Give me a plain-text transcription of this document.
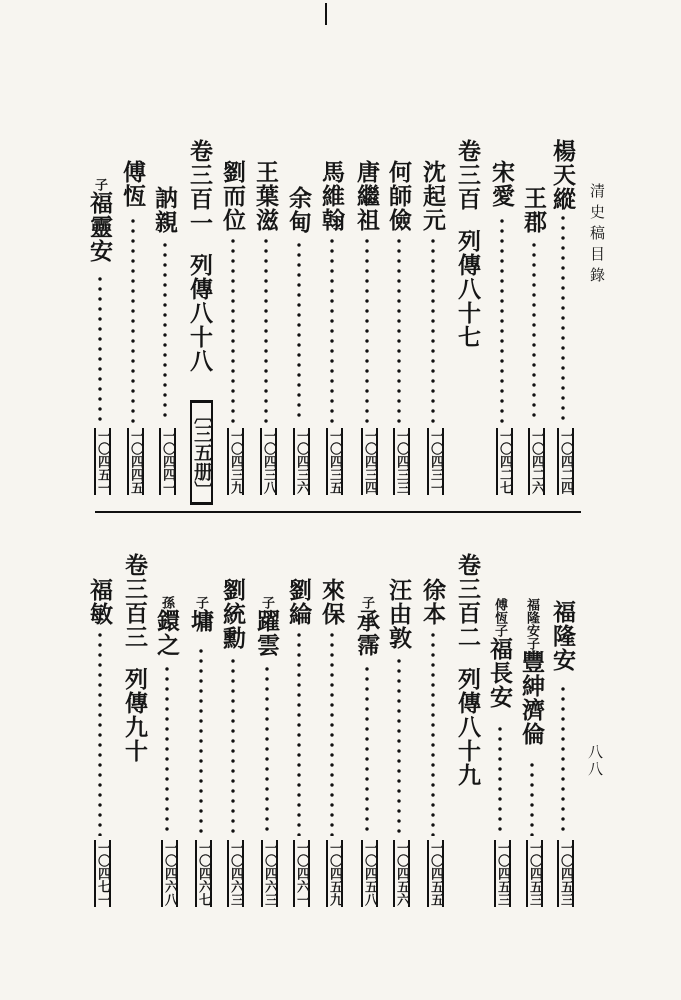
清史稿目錄
八八
楊天縱
一〇四二四
王郡
一〇四二六
宋愛
一〇四二七
卷三百列傳八十七
沈起元
一〇四三一
何師儉
一〇四三三
唐繼祖
一〇四三四
馬維翰
一〇四三五
余甸
一〇四三六
王葉滋
一〇四三八
劉而位
一〇四三九
卷三百一列傳八十八
〔三五册〕
訥親
一〇四四一
傅恆
一〇四四五
子福靈安
一〇四五一
福隆安
一〇四五三
福隆安子豐紳濟倫
一〇四五三
傅恆子福長安
一〇四五三
卷三百二列傳八十九
徐本
一〇四五五
汪由敦
一〇四五六
子承霈
一〇四五八
來保
一〇四五九
劉綸
一〇四六一
子躍雲
一〇四六三
劉統勳
一〇四六三
子墉
一〇四六七
孫鐶之
一〇四六八
卷三百三列傳九十
福敏
一〇四七一
